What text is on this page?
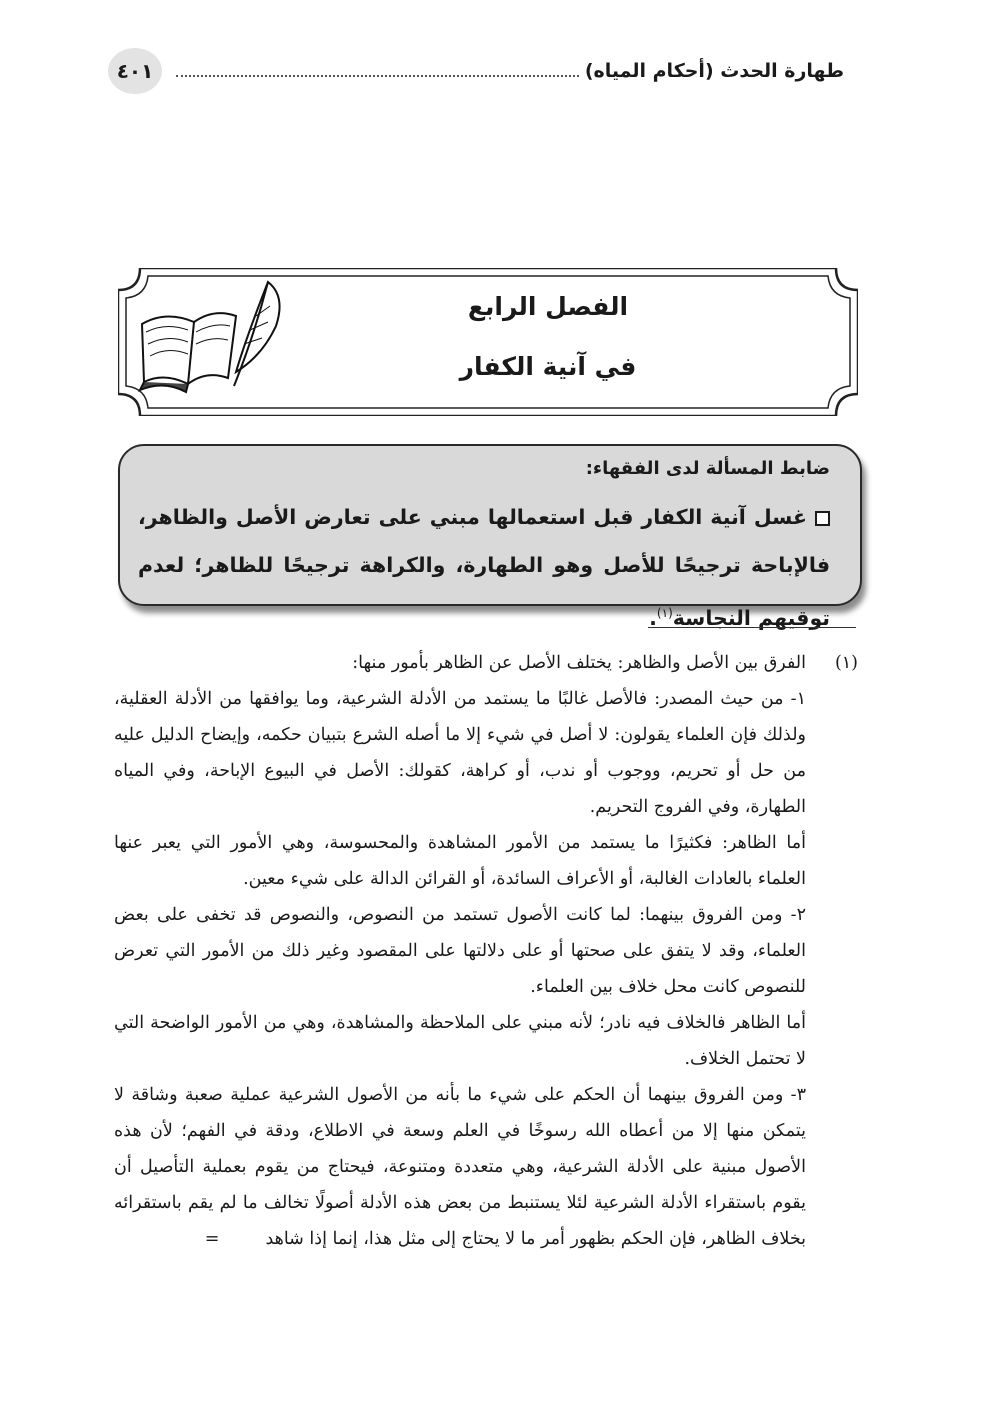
٤٠١	طهارة الحدث (أحكام المياه)
الفصل الرابع
في آنية الكفار
ضابط المسألة لدى الفقهاء:
غسل آنية الكفار قبل استعمالها مبني على تعارض الأصل والظاهر، فالإباحة ترجيحًا للأصل وهو الطهارة، والكراهة ترجيحًا للظاهر؛ لعدم توقيهم النجاسة$^{(١)}$.

(١)
الفرق بين الأصل والظاهر: يختلف الأصل عن الظاهر بأمور منها:

١- من حيث المصدر: فالأصل غالبًا ما يستمد من الأدلة الشرعية، وما يوافقها من الأدلة العقلية، ولذلك فإن العلماء يقولون: لا أصل في شيء إلا ما أصله الشرع بتبيان حكمه، وإيضاح الدليل عليه من حل أو تحريم، ووجوب أو ندب، أو كراهة، كقولك: الأصل في البيوع الإباحة، وفي المياه الطهارة، وفي الفروج التحريم.

أما الظاهر: فكثيرًا ما يستمد من الأمور المشاهدة والمحسوسة، وهي الأمور التي يعبر عنها العلماء بالعادات الغالبة، أو الأعراف السائدة، أو القرائن الدالة على شيء معين.

٢- ومن الفروق بينهما: لما كانت الأصول تستمد من النصوص، والنصوص قد تخفى على بعض العلماء، وقد لا يتفق على صحتها أو على دلالتها على المقصود وغير ذلك من الأمور التي تعرض للنصوص كانت محل خلاف بين العلماء.

أما الظاهر فالخلاف فيه نادر؛ لأنه مبني على الملاحظة والمشاهدة، وهي من الأمور الواضحة التي لا تحتمل الخلاف.

٣- ومن الفروق بينهما أن الحكم على شيء ما بأنه من الأصول الشرعية عملية صعبة وشاقة لا يتمكن منها إلا من أعطاه الله رسوخًا في العلم وسعة في الاطلاع، ودقة في الفهم؛ لأن هذه الأصول مبنية على الأدلة الشرعية، وهي متعددة ومتنوعة، فيحتاج من يقوم بعملية التأصيل أن يقوم باستقراء الأدلة الشرعية لئلا يستنبط من بعض هذه الأدلة أصولًا تخالف ما لم يقم باستقرائه بخلاف الظاهر، فإن الحكم بظهور أمر ما لا يحتاج إلى مثل هذا، إنما إذا شاهد=
